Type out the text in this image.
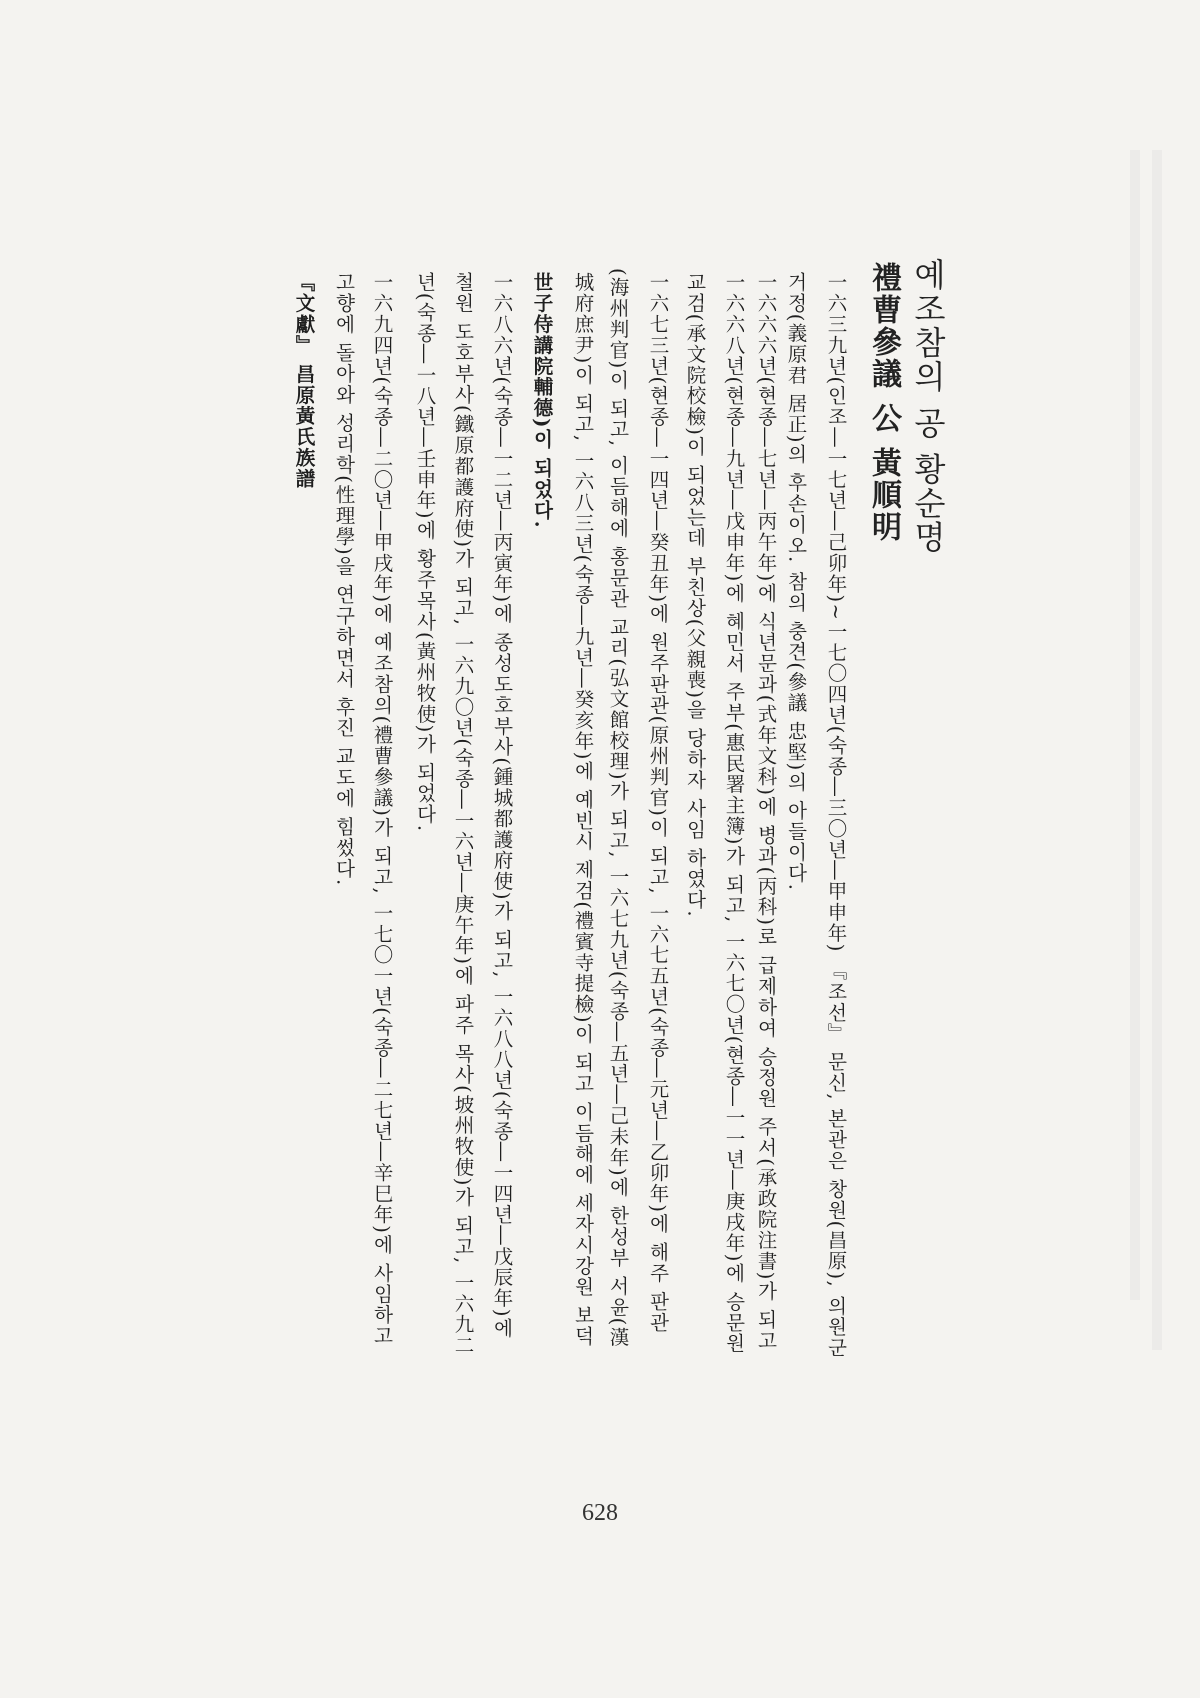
예조참의 공 황순명
禮曹參議 公 黃順明
一六三九년(인조―一七년―己卯年)~一七〇四년(숙종―三〇년―甲申年) 『조선』 문신, 본관은 창원(昌原), 의원군
거정(義原君 居正)의 후손이오. 참의 충견(參議 忠堅)의 아들이다.
一六六六년(현종―七년―丙午年)에 식년문과(式年文科)에 병과(丙科)로 급제하여 승정원 주서(承政院注書)가 되고
一六六八년(현종―九년―戊申年)에 혜민서 주부(惠民署主簿)가 되고, 一六七〇년(현종―一一년―庚戌年)에 승문원
교검(承文院校檢)이 되었는데 부친상(父親喪)을 당하자 사임 하였다.
一六七三년(현종―一四년―癸丑年)에 원주판관(原州判官)이 되고, 一六七五년(숙종―元년―乙卯年)에 해주 판관
(海州判官)이 되고, 이듬해에 홍문관 교리(弘文館校理)가 되고, 一六七九년(숙종―五년―己未年)에 한성부 서윤(漢
城府庶尹)이 되고, 一六八三년(숙종―九년―癸亥年)에 예빈시 제검(禮賓寺提檢)이 되고 이듬해에 세자시강원 보덕
世子侍講院輔德)이 되었다.
一六八六년(숙종―一二년―丙寅年)에 종성도호부사(鍾城都護府使)가 되고, 一六八八년(숙종―一四년―戊辰年)에
철원 도호부사(鐵原都護府使)가 되고, 一六九〇년(숙종―一六년―庚午年)에 파주 목사(坡州牧使)가 되고, 一六九二
년(숙종―一八년―壬申年)에 황주목사(黃州牧使)가 되었다.
一六九四년(숙종―二〇년―甲戌年)에 예조참의(禮曹參議)가 되고, 一七〇一년(숙종―二七년―辛巳年)에 사임하고
고향에 돌아와 성리학(性理學)을 연구하면서 후진 교도에 힘썼다.
『文獻』 昌原黃氏族譜
628
